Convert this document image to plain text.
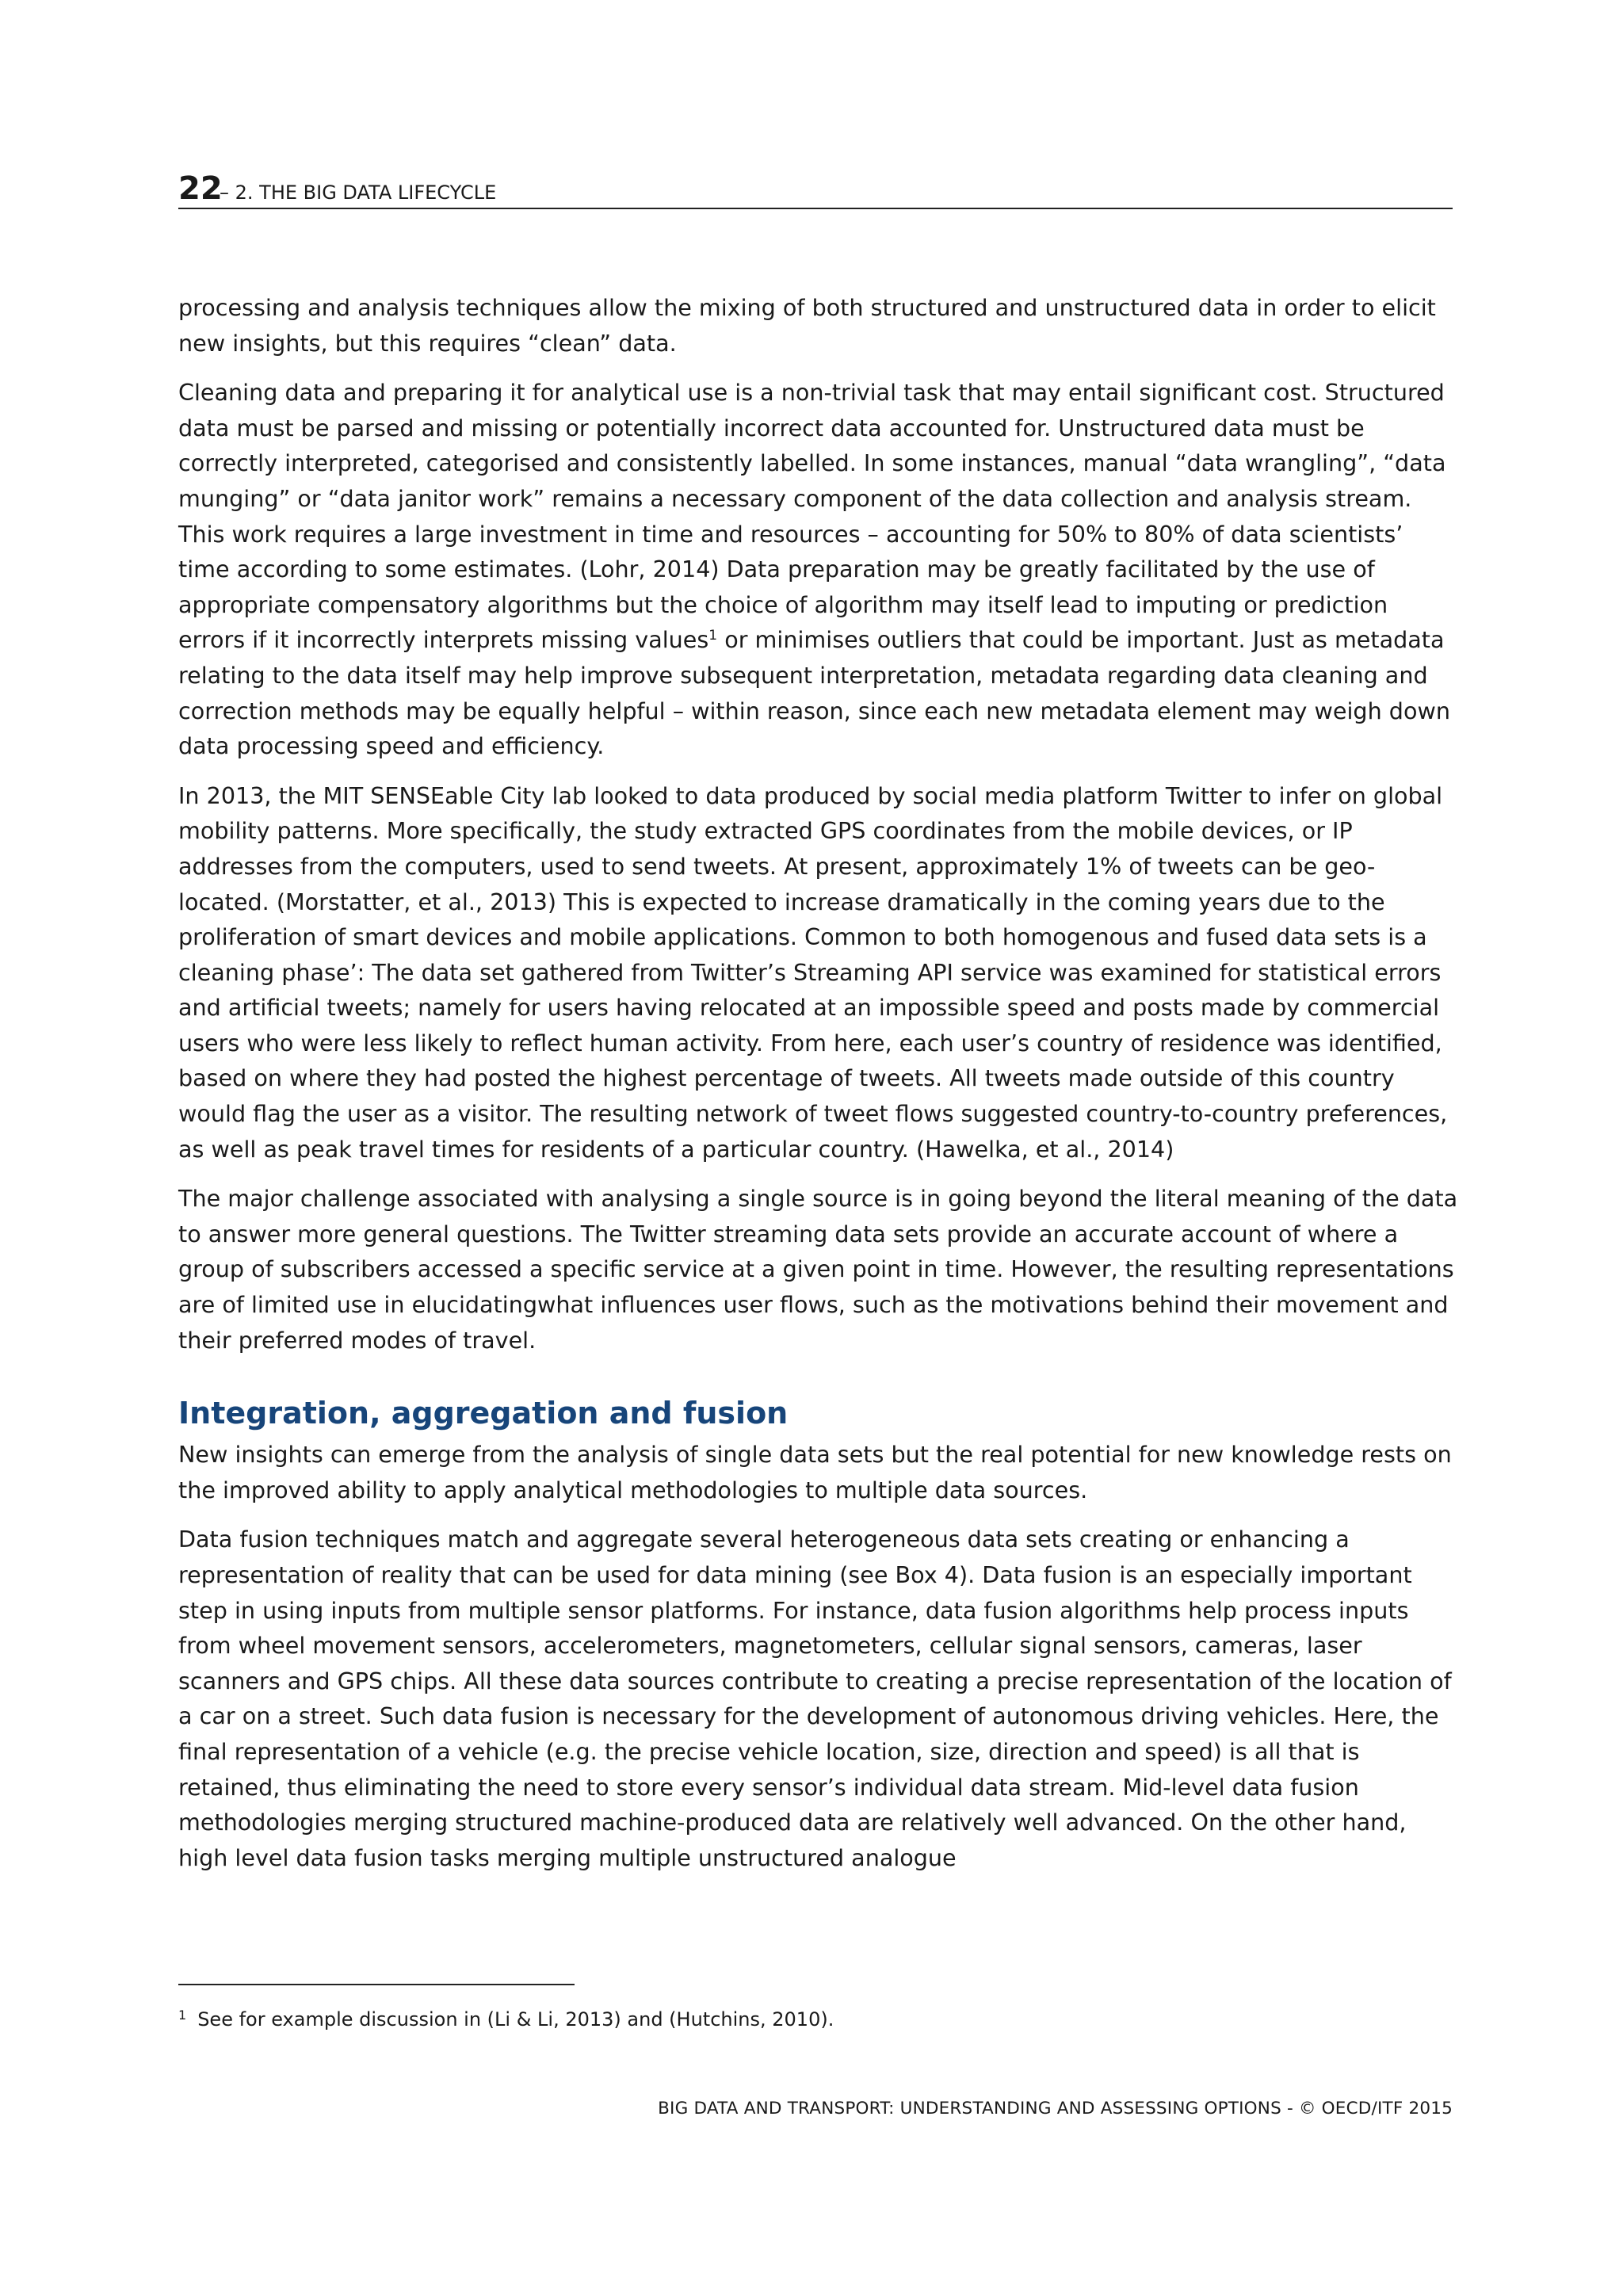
22
– 2. THE BIG DATA LIFECYCLE

processing and analysis techniques allow the mixing of both structured and unstructured data in order to elicit new insights, but this requires “clean” data.

Cleaning data and preparing it for analytical use is a non-trivial task that may entail significant cost. Structured data must be parsed and missing or potentially incorrect data accounted for. Unstructured data must be correctly interpreted, categorised and consistently labelled. In some instances, manual “data wrangling”, “data munging” or “data janitor work” remains a necessary component of the data collection and analysis stream. This work requires a large investment in time and resources – accounting for 50% to 80% of data scientists’ time according to some estimates. (Lohr, 2014) Data preparation may be greatly facilitated by the use of appropriate compensatory algorithms but the choice of algorithm may itself lead to imputing or prediction errors if it incorrectly interprets missing values$^1$ or minimises outliers that could be important. Just as metadata relating to the data itself may help improve subsequent interpretation, metadata regarding data cleaning and correction methods may be equally helpful – within reason, since each new metadata element may weigh down data processing speed and efficiency.

In 2013, the MIT SENSEable City lab looked to data produced by social media platform Twitter to infer on global mobility patterns. More specifically, the study extracted GPS coordinates from the mobile devices, or IP addresses from the computers, used to send tweets. At present, approximately 1% of tweets can be geo-located. (Morstatter, et al., 2013) This is expected to increase dramatically in the coming years due to the proliferation of smart devices and mobile applications. Common to both homogenous and fused data sets is a cleaning phase’: The data set gathered from Twitter’s Streaming API service was examined for statistical errors and artificial tweets; namely for users having relocated at an impossible speed and posts made by commercial users who were less likely to reflect human activity. From here, each user’s country of residence was identified, based on where they had posted the highest percentage of tweets. All tweets made outside of this country would flag the user as a visitor. The resulting network of tweet flows suggested country-to-country preferences, as well as peak travel times for residents of a particular country. (Hawelka, et al., 2014)

The major challenge associated with analysing a single source is in going beyond the literal meaning of the data to answer more general questions. The Twitter streaming data sets provide an accurate account of where a group of subscribers accessed a specific service at a given point in time. However, the resulting representations are of limited use in elucidatingwhat influences user flows, such as the motivations behind their movement and their preferred modes of travel.

Integration, aggregation and fusion

New insights can emerge from the analysis of single data sets but the real potential for new knowledge rests on the improved ability to apply analytical methodologies to multiple data sources.

Data fusion techniques match and aggregate several heterogeneous data sets creating or enhancing a representation of reality that can be used for data mining (see Box 4). Data fusion is an especially important step in using inputs from multiple sensor platforms. For instance, data fusion algorithms help process inputs from wheel movement sensors, accelerometers, magnetometers, cellular signal sensors, cameras, laser scanners and GPS chips. All these data sources contribute to creating a precise representation of the location of a car on a street. Such data fusion is necessary for the development of autonomous driving vehicles. Here, the final representation of a vehicle (e.g. the precise vehicle location, size, direction and speed) is all that is retained, thus eliminating the need to store every sensor’s individual data stream. Mid-level data fusion methodologies merging structured machine-produced data are relatively well advanced. On the other hand, high level data fusion tasks merging multiple unstructured analogue

$^1$ See for example discussion in (Li & Li, 2013) and (Hutchins, 2010).
BIG DATA AND TRANSPORT: UNDERSTANDING AND ASSESSING OPTIONS - © OECD/ITF 2015
